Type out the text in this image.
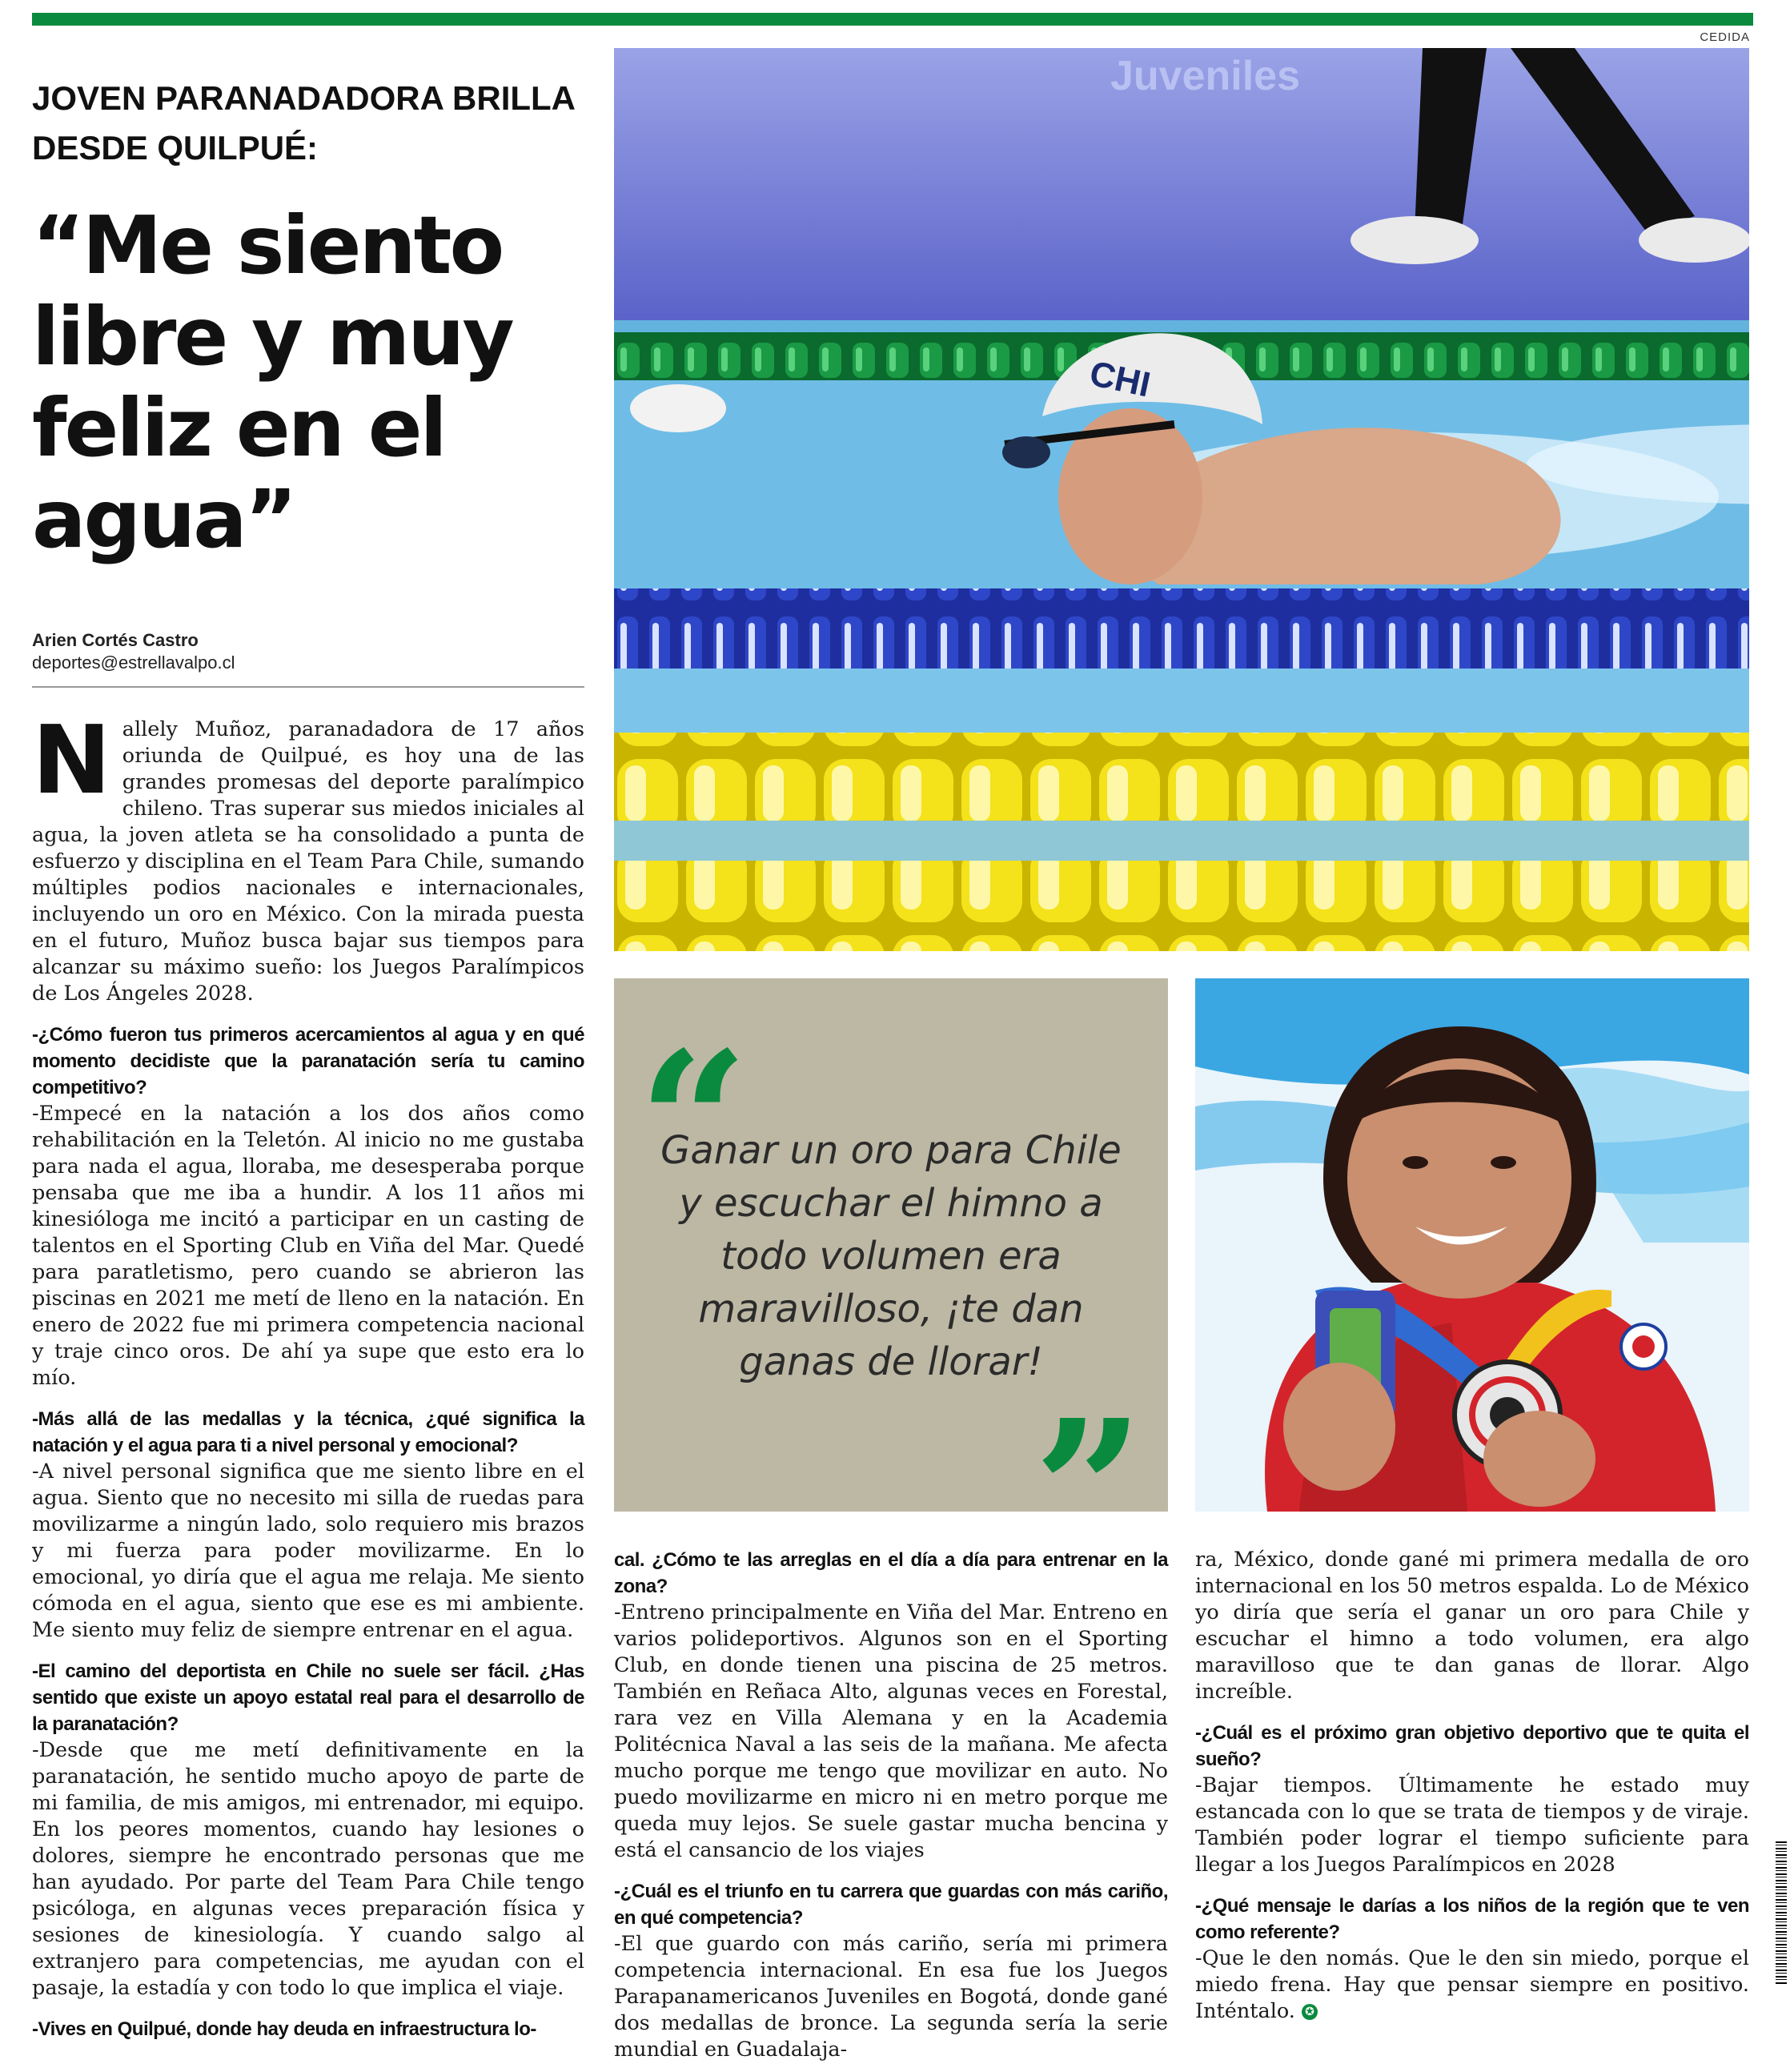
CEDIDA
JOVEN PARANADADORA BRILLA DESDE QUILPUÉ:
“Me siento libre y muy feliz en el agua”
Arien Cortés Castro
deportes@estrellavalpo.cl

Nallely Muñoz, paranadadora de 17 años oriunda de Quilpué, es hoy una de las grandes promesas del deporte paralímpico chileno. Tras superar sus miedos iniciales al agua, la joven atleta se ha consolidado a punta de esfuerzo y disciplina en el Team Para Chile, sumando múltiples podios nacionales e internacionales, incluyendo un oro en México. Con la mirada puesta en el futuro, Muñoz busca bajar sus tiempos para alcanzar su máximo sueño: los Juegos Paralímpicos de Los Ángeles 2028.

-¿Cómo fueron tus primeros acercamientos al agua y en qué momento decidiste que la paranatación sería tu camino competitivo?
-Empecé en la natación a los dos años como rehabilitación en la Teletón. Al inicio no me gustaba para nada el agua, lloraba, me desesperaba porque pensaba que me iba a hundir. A los 11 años mi kinesióloga me incitó a participar en un casting de talentos en el Sporting Club en Viña del Mar. Quedé para paratletismo, pero cuando se abrieron las piscinas en 2021 me metí de lleno en la natación. En enero de 2022 fue mi primera competencia nacional y traje cinco oros. De ahí ya supe que esto era lo mío.

-Más allá de las medallas y la técnica, ¿qué significa la natación y el agua para ti a nivel personal y emocional?
-A nivel personal significa que me siento libre en el agua. Siento que no necesito mi silla de ruedas para movilizarme a ningún lado, solo requiero mis brazos y mi fuerza para poder movilizarme. En lo emocional, yo diría que el agua me relaja. Me siento cómoda en el agua, siento que ese es mi ambiente. Me siento muy feliz de siempre entrenar en el agua.

-El camino del deportista en Chile no suele ser fácil. ¿Has sentido que existe un apoyo estatal real para el desarrollo de la paranatación?
-Desde que me metí definitivamente en la paranatación, he sentido mucho apoyo de parte de mi familia, de mis amigos, mi entrenador, mi equipo. En los peores momentos, cuando hay lesiones o dolores, siempre he encontrado personas que me han ayudado. Por parte del Team Para Chile tengo psicóloga, en algunas veces preparación física y sesiones de kinesiología. Y cuando salgo al extranjero para competencias, me ayudan con el pasaje, la estadía y con todo lo que implica el viaje.

-Vives en Quilpué, donde hay deuda en infraestructura lo-

Juveniles
CHI
“
Ganar un oro para Chile y escuchar el himno a todo volumen era maravilloso, ¡te dan ganas de llorar!
”

cal. ¿Cómo te las arreglas en el día a día para entrenar en la zona?
-Entreno principalmente en Viña del Mar. Entreno en varios polideportivos. Algunos son en el Sporting Club, en donde tienen una piscina de 25 metros. También en Reñaca Alto, algunas veces en Forestal, rara vez en Villa Alemana y en la Academia Politécnica Naval a las seis de la mañana. Me afecta mucho porque me tengo que movilizar en auto. No puedo movilizarme en micro ni en metro porque me queda muy lejos. Se suele gastar mucha bencina y está el cansancio de los viajes

-¿Cuál es el triunfo en tu carrera que guardas con más cariño, en qué competencia?
-El que guardo con más cariño, sería mi primera competencia internacional. En esa fue los Juegos Parapanamericanos Juveniles en Bogotá, donde gané dos medallas de bronce. La segunda sería la serie mundial en Guadalaja-

ra, México, donde gané mi primera medalla de oro internacional en los 50 metros espalda. Lo de México yo diría que sería el ganar un oro para Chile y escuchar el himno a todo volumen, era algo maravilloso que te dan ganas de llorar. Algo increíble.

-¿Cuál es el próximo gran objetivo deportivo que te quita el sueño?
-Bajar tiempos. Últimamente he estado muy estancada con lo que se trata de tiempos y de viraje. También poder lograr el tiempo suficiente para llegar a los Juegos Paralímpicos en 2028

-¿Qué mensaje le darías a los niños de la región que te ven como referente?
-Que le den nomás. Que le den sin miedo, porque el miedo frena. Hay que pensar siempre en positivo. Inténtalo. ✪
